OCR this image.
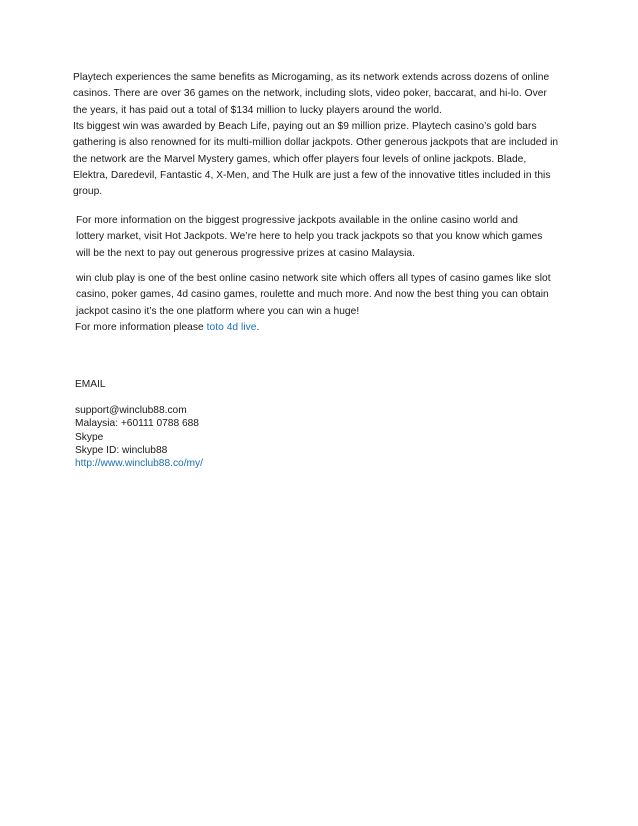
Playtech experiences the same benefits as Microgaming, as its network extends across dozens of online
casinos. There are over 36 games on the network, including slots, video poker, baccarat, and hi-lo. Over
the years, it has paid out a total of $134 million to lucky players around the world.

Its biggest win was awarded by Beach Life, paying out an $9 million prize. Playtech casino’s gold bars
gathering is also renowned for its multi-million dollar jackpots. Other generous jackpots that are included in
the network are the Marvel Mystery games, which offer players four levels of online jackpots. Blade,
Elektra, Daredevil, Fantastic 4, X-Men, and The Hulk are just a few of the innovative titles included in this
group.

For more information on the biggest progressive jackpots available in the online casino world and
lottery market, visit Hot Jackpots. We’re here to help you track jackpots so that you know which games
will be the next to pay out generous progressive prizes at casino Malaysia.

win club play is one of the best online casino network site which offers all types of casino games like slot
casino, poker games, 4d casino games, roulette and much more. And now the best thing you can obtain
jackpot casino it’s the one platform where you can win a huge!

For more information please toto 4d live.

EMAIL
support@winclub88.com
Malaysia: +60111 0788 688
Skype
Skype ID: winclub88
http://www.winclub88.co/my/
